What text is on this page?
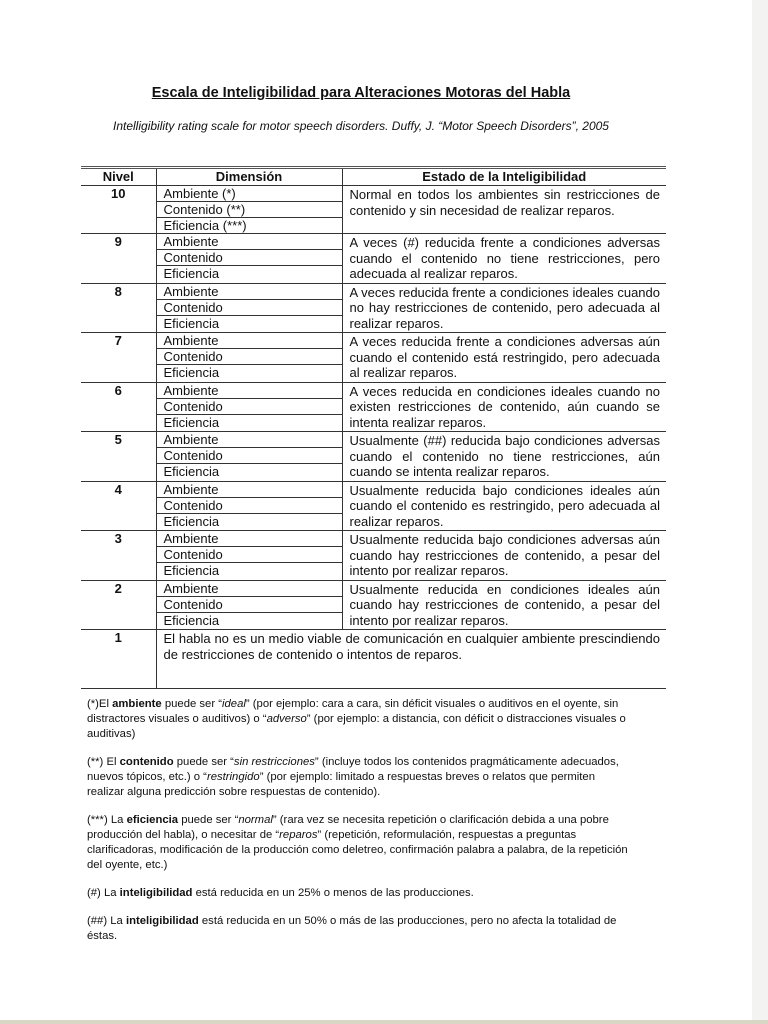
Escala de Inteligibilidad para Alteraciones Motoras del Habla
Intelligibility rating scale for motor speech disorders. Duffy, J. “Motor Speech Disorders”, 2005
Nivel	Dimensión	Estado de la Inteligibilidad
10	Ambiente (*)
Contenido (**)
Eficiencia (***)	Normal en todos los ambientes sin restricciones de contenido y sin necesidad de realizar reparos.
9	Ambiente
Contenido
Eficiencia	A veces (#) reducida frente a condiciones adversas cuando el contenido no tiene restricciones, pero adecuada al realizar reparos.
8	Ambiente
Contenido
Eficiencia	A veces reducida frente a condiciones ideales cuando no hay restricciones de contenido, pero adecuada al realizar reparos.
7	Ambiente
Contenido
Eficiencia	A veces reducida frente a condiciones adversas aún cuando el contenido está restringido, pero adecuada al realizar reparos.
6	Ambiente
Contenido
Eficiencia	A veces reducida en condiciones ideales cuando no existen restricciones de contenido, aún cuando se intenta realizar reparos.
5	Ambiente
Contenido
Eficiencia	Usualmente (##) reducida bajo condiciones adversas cuando el contenido no tiene restricciones, aún cuando se intenta realizar reparos.
4	Ambiente
Contenido
Eficiencia	Usualmente reducida bajo condiciones ideales aún cuando el contenido es restringido, pero adecuada al realizar reparos.
3	Ambiente
Contenido
Eficiencia	Usualmente reducida bajo condiciones adversas aún cuando hay restricciones de contenido, a pesar del intento por realizar reparos.
2	Ambiente
Contenido
Eficiencia	Usualmente reducida en condiciones ideales aún cuando hay restricciones de contenido, a pesar del intento por realizar reparos.
1	El habla no es un medio viable de comunicación en cualquier ambiente prescindiendo de restricciones de contenido o intentos de reparos.	

(*)El ambiente puede ser “ideal” (por ejemplo: cara a cara, sin déficit visuales o auditivos en el oyente, sin distractores visuales o auditivos) o “adverso” (por ejemplo: a distancia, con déficit o distracciones visuales o auditivas)

(**) El contenido puede ser “sin restricciones” (incluye todos los contenidos pragmáticamente adecuados, nuevos tópicos, etc.) o “restringido” (por ejemplo: limitado a respuestas breves o relatos que permiten realizar alguna predicción sobre respuestas de contenido).

(***) La eficiencia puede ser “normal” (rara vez se necesita repetición o clarificación debida a una pobre producción del habla), o necesitar de “reparos” (repetición, reformulación, respuestas a preguntas clarificadoras, modificación de la producción como deletreo, confirmación palabra a palabra, de la repetición del oyente, etc.)

(#) La inteligibilidad está reducida en un 25% o menos de las producciones.

(##) La inteligibilidad está reducida en un 50% o más de las producciones, pero no afecta la totalidad de éstas.
